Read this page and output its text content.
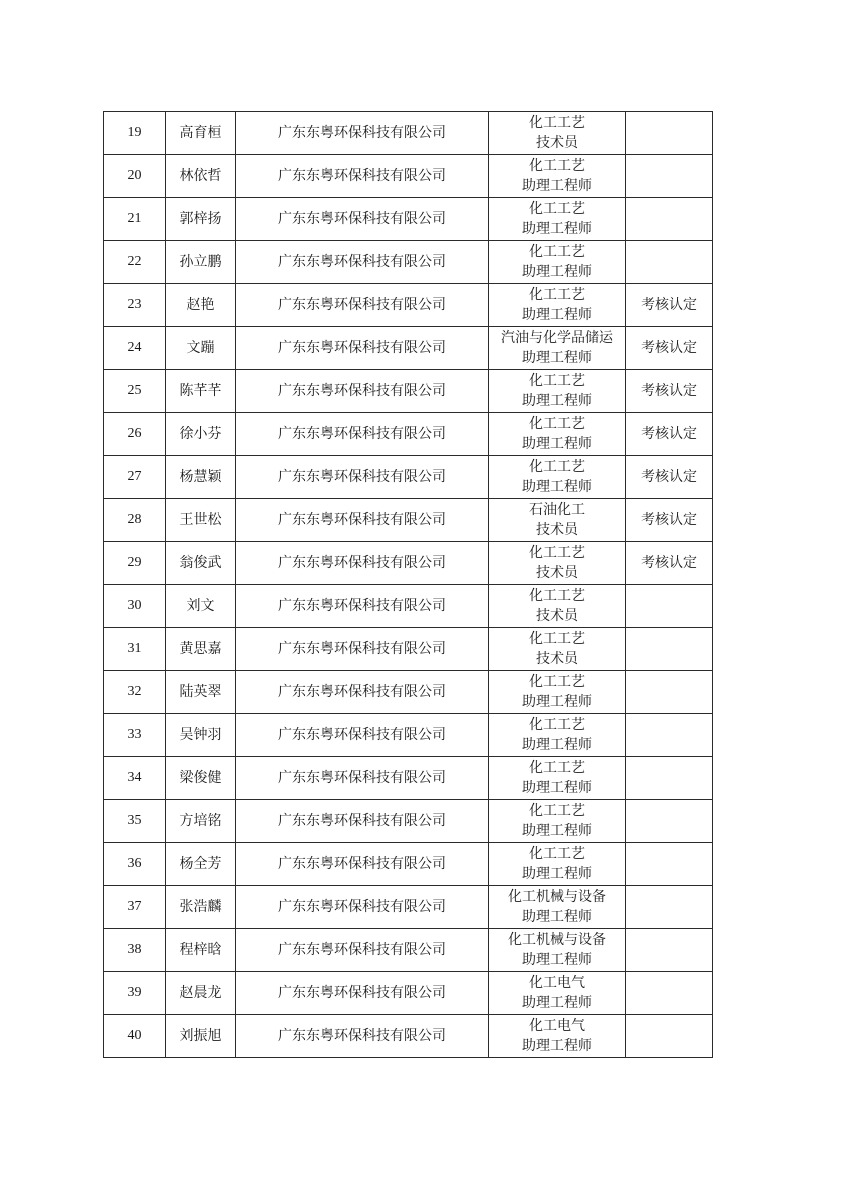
19	高育桓	广东东粤环保科技有限公司	化工工艺
技术员	

20	林依哲	广东东粤环保科技有限公司	化工工艺
助理工程师	

21	郭梓扬	广东东粤环保科技有限公司	化工工艺
助理工程师	

22	孙立鹏	广东东粤环保科技有限公司	化工工艺
助理工程师	

23	赵艳	广东东粤环保科技有限公司	化工工艺
助理工程师	考核认定
24	文蹦	广东东粤环保科技有限公司	汽油与化学品储运
助理工程师	考核认定
25	陈芊芊	广东东粤环保科技有限公司	化工工艺
助理工程师	考核认定
26	徐小芬	广东东粤环保科技有限公司	化工工艺
助理工程师	考核认定
27	杨慧颖	广东东粤环保科技有限公司	化工工艺
助理工程师	考核认定
28	王世松	广东东粤环保科技有限公司	石油化工
技术员	考核认定
29	翁俊武	广东东粤环保科技有限公司	化工工艺
技术员	考核认定
30	刘文	广东东粤环保科技有限公司	化工工艺
技术员	

31	黄思嘉	广东东粤环保科技有限公司	化工工艺
技术员	

32	陆英翠	广东东粤环保科技有限公司	化工工艺
助理工程师	

33	吴钟羽	广东东粤环保科技有限公司	化工工艺
助理工程师	

34	梁俊健	广东东粤环保科技有限公司	化工工艺
助理工程师	

35	方培铭	广东东粤环保科技有限公司	化工工艺
助理工程师	

36	杨全芳	广东东粤环保科技有限公司	化工工艺
助理工程师	

37	张浩麟	广东东粤环保科技有限公司	化工机械与设备
助理工程师	

38	程梓晗	广东东粤环保科技有限公司	化工机械与设备
助理工程师	

39	赵晨龙	广东东粤环保科技有限公司	化工电气
助理工程师	

40	刘振旭	广东东粤环保科技有限公司	化工电气
助理工程师	
